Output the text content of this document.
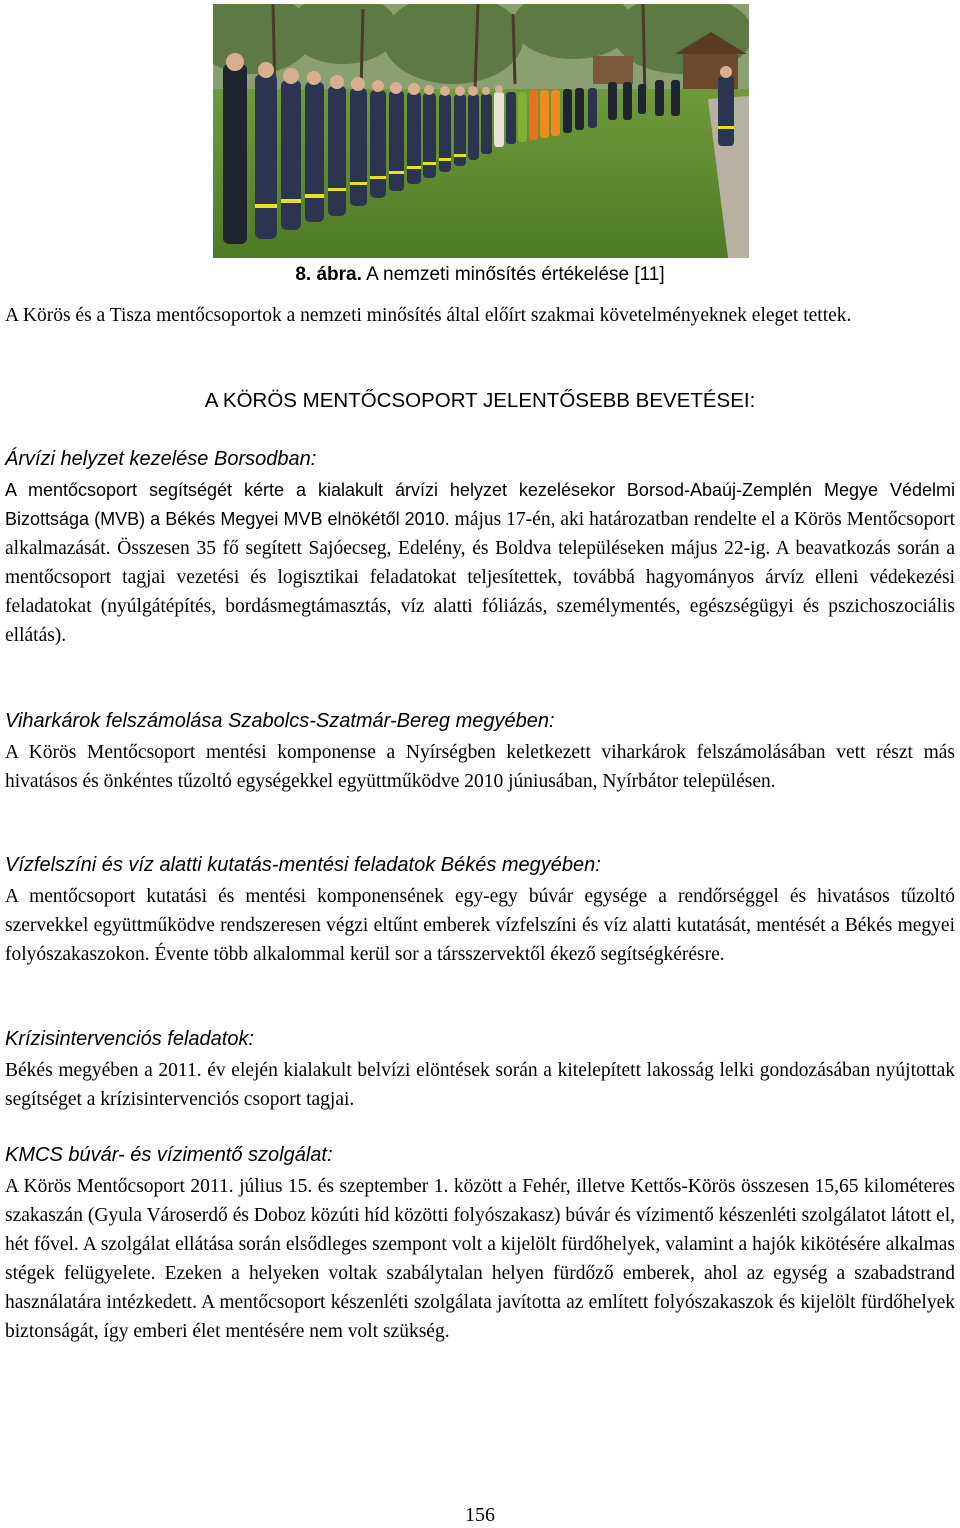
8. ábra. A nemzeti minősítés értékelése [11]

A Körös és a Tisza mentőcsoportok a nemzeti minősítés által előírt szakmai követelményeknek eleget tettek.

A KÖRÖS MENTŐCSOPORT JELENTŐSEBB BEVETÉSEI:

Árvízi helyzet kezelése Borsodban:

A mentőcsoport segítségét kérte a kialakult árvízi helyzet kezelésekor Borsod-Abaúj-Zemplén Megye Védelmi Bizottsága (MVB) a Békés Megyei MVB elnökétől 2010. május 17-én, aki határozatban rendelte el a Körös Mentőcsoport alkalmazását. Összesen 35 fő segített Sajóecseg, Edelény, és Boldva településeken május 22-ig. A beavatkozás során a mentőcsoport tagjai vezetési és logisztikai feladatokat teljesítettek, továbbá hagyományos árvíz elleni védekezési feladatokat (nyúlgátépítés, bordásmegtámasztás, víz alatti fóliázás, személymentés, egészségügyi és pszichoszociális ellátás).

Viharkárok felszámolása Szabolcs-Szatmár-Bereg megyében:

A Körös Mentőcsoport mentési komponense a Nyírségben keletkezett viharkárok felszámolásában vett részt más hivatásos és önkéntes tűzoltó egységekkel együttműködve 2010 júniusában, Nyírbátor településen.

Vízfelszíni és víz alatti kutatás-mentési feladatok Békés megyében:

A mentőcsoport kutatási és mentési komponensének egy-egy búvár egysége a rendőrséggel és hivatásos tűzoltó szervekkel együttműködve rendszeresen végzi eltűnt emberek vízfelszíni és víz alatti kutatását, mentését a Békés megyei folyószakaszokon. Évente több alkalommal kerül sor a társszervektől ékező segítségkérésre.

Krízisintervenciós feladatok:

Békés megyében a 2011. év elején kialakult belvízi elöntések során a kitelepített lakosság lelki gondozásában nyújtottak segítséget a krízisintervenciós csoport tagjai.

KMCS búvár- és vízimentő szolgálat:

A Körös Mentőcsoport 2011. július 15. és szeptember 1. között a Fehér, illetve Kettős-Körös összesen 15,65 kilométeres szakaszán (Gyula Városerdő és Doboz közúti híd közötti folyószakasz) búvár és vízimentő készenléti szolgálatot látott el, hét fővel. A szolgálat ellátása során elsődleges szempont volt a kijelölt fürdőhelyek, valamint a hajók kikötésére alkalmas stégek felügyelete. Ezeken a helyeken voltak szabálytalan helyen fürdőző emberek, ahol az egység a szabadstrand használatára intézkedett. A mentőcsoport készenléti szolgálata javította az említett folyószakaszok és kijelölt fürdőhelyek biztonságát, így emberi élet mentésére nem volt szükség.

156
